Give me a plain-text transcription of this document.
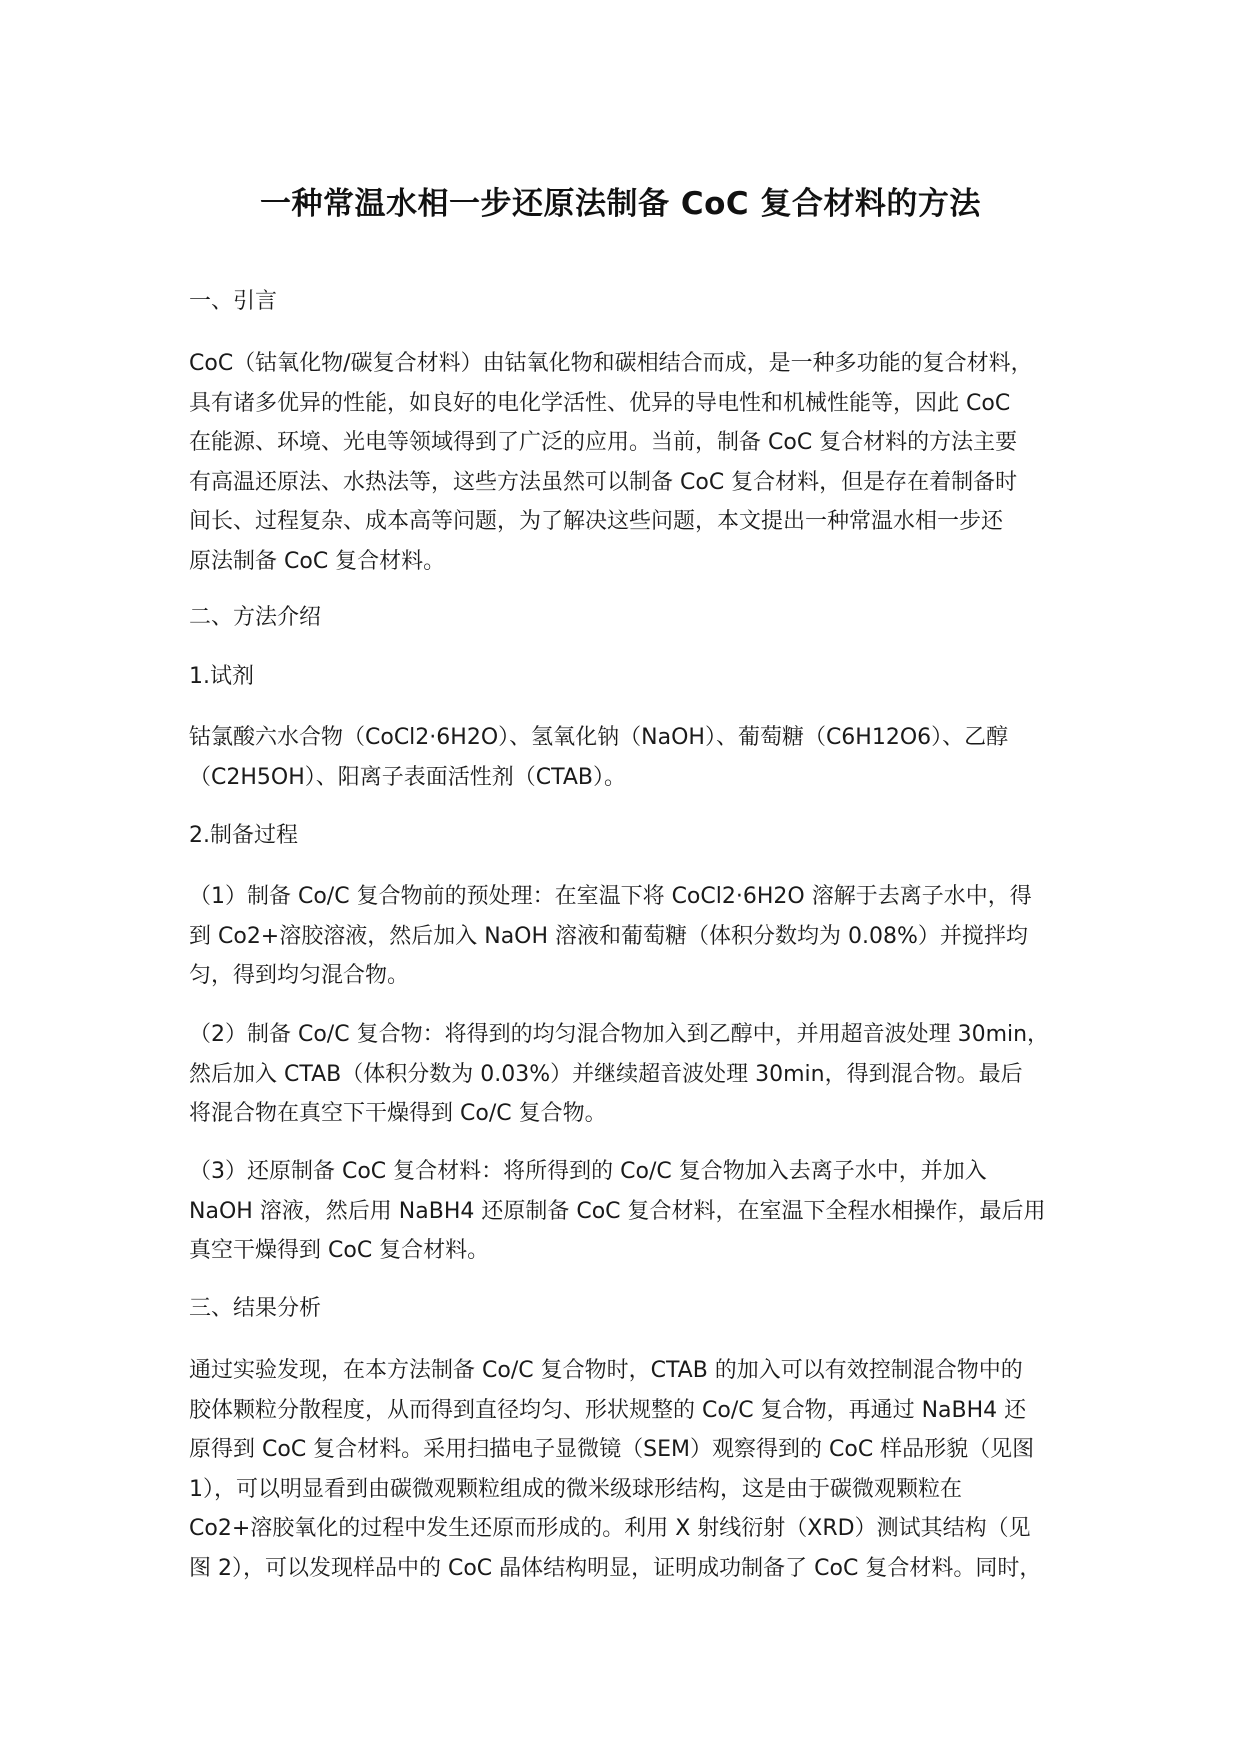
一种常温水相一步还原法制备 CoC 复合材料的方法
一、引言
CoC（钴氧化物/碳复合材料）由钴氧化物和碳相结合而成，是一种多功能的复合材料，
具有诸多优异的性能，如良好的电化学活性、优异的导电性和机械性能等，因此 CoC
在能源、环境、光电等领域得到了广泛的应用。当前，制备 CoC 复合材料的方法主要
有高温还原法、水热法等，这些方法虽然可以制备 CoC 复合材料，但是存在着制备时
间长、过程复杂、成本高等问题，为了解决这些问题，本文提出一种常温水相一步还
原法制备 CoC 复合材料。
二、方法介绍
1.试剂
钴氯酸六水合物（CoCl2·6H2O）、氢氧化钠（NaOH）、葡萄糖（C6H12O6）、乙醇
（C2H5OH）、阳离子表面活性剂（CTAB）。
2.制备过程
（1）制备 Co/C 复合物前的预处理：在室温下将 CoCl2·6H2O 溶解于去离子水中，得
到 Co2+溶胶溶液，然后加入 NaOH 溶液和葡萄糖（体积分数均为 0.08%）并搅拌均
匀，得到均匀混合物。
（2）制备 Co/C 复合物：将得到的均匀混合物加入到乙醇中，并用超音波处理 30min，
然后加入 CTAB（体积分数为 0.03%）并继续超音波处理 30min，得到混合物。最后
将混合物在真空下干燥得到 Co/C 复合物。
（3）还原制备 CoC 复合材料：将所得到的 Co/C 复合物加入去离子水中，并加入
NaOH 溶液，然后用 NaBH4 还原制备 CoC 复合材料，在室温下全程水相操作，最后用
真空干燥得到 CoC 复合材料。
三、结果分析
通过实验发现，在本方法制备 Co/C 复合物时，CTAB 的加入可以有效控制混合物中的
胶体颗粒分散程度，从而得到直径均匀、形状规整的 Co/C 复合物，再通过 NaBH4 还
原得到 CoC 复合材料。采用扫描电子显微镜（SEM）观察得到的 CoC 样品形貌（见图
1），可以明显看到由碳微观颗粒组成的微米级球形结构，这是由于碳微观颗粒在
Co2+溶胶氧化的过程中发生还原而形成的。利用 X 射线衍射（XRD）测试其结构（见
图 2），可以发现样品中的 CoC 晶体结构明显，证明成功制备了 CoC 复合材料。同时，
